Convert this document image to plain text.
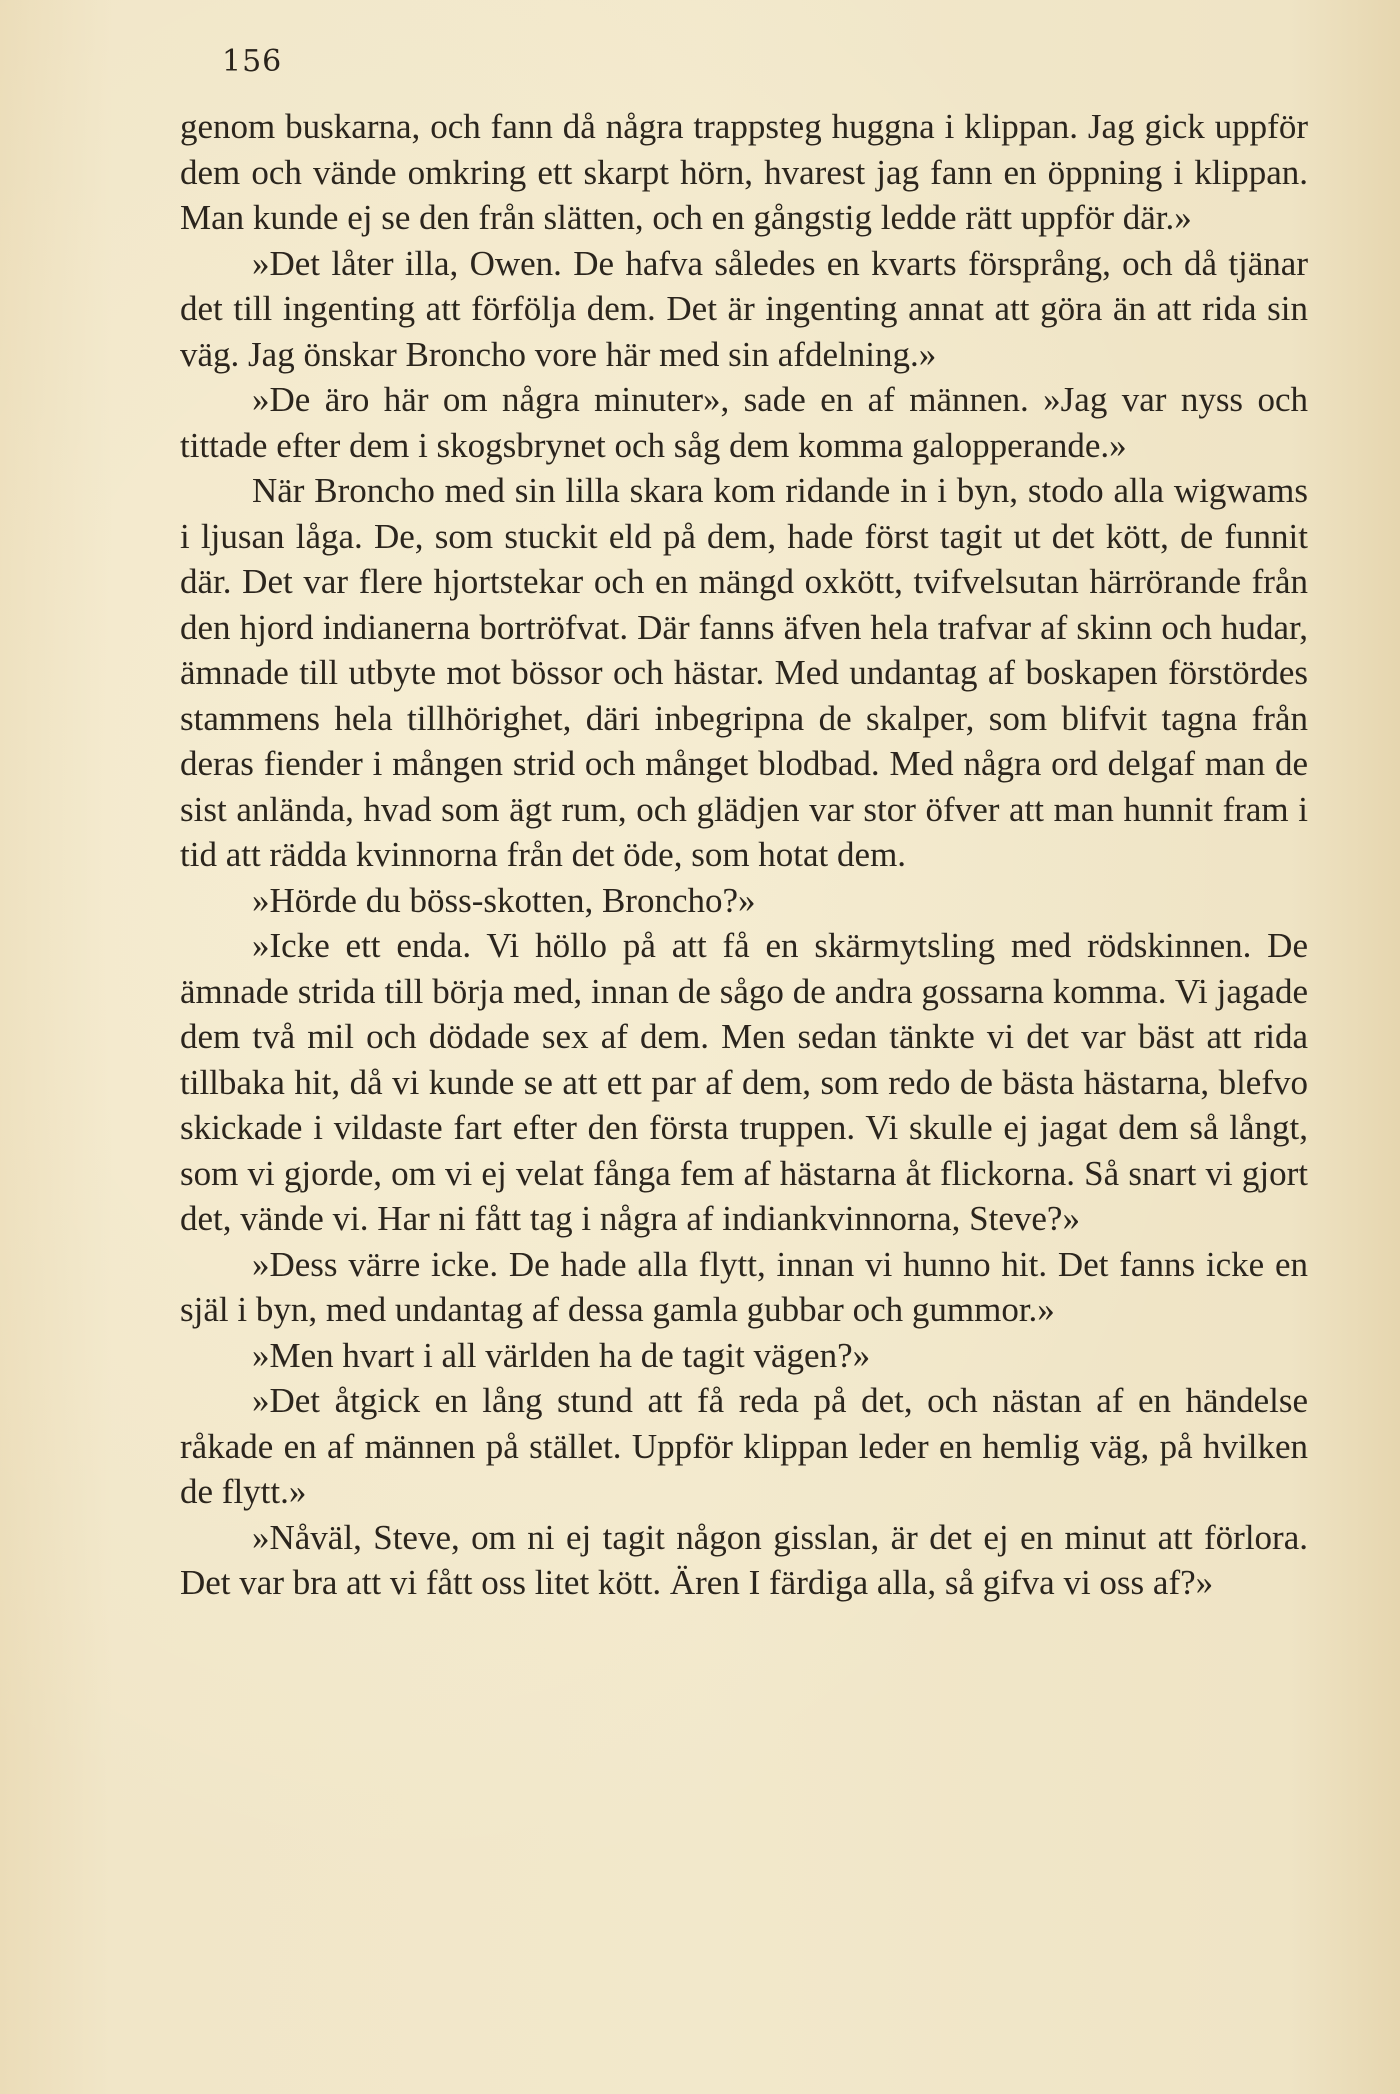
156

genom buskarna, och fann då några trappsteg huggna i klippan. Jag gick uppför dem och vände omkring ett skarpt hörn, hvarest jag fann en öppning i klippan. Man kunde ej se den från slätten, och en gångstig ledde rätt uppför där.»

»Det låter illa, Owen. De hafva således en kvarts försprång, och då tjänar det till ingenting att förfölja dem. Det är ingenting annat att göra än att rida sin väg. Jag önskar Broncho vore här med sin afdelning.»

»De äro här om några minuter», sade en af männen. »Jag var nyss och tittade efter dem i skogsbrynet och såg dem komma galopperande.»

När Broncho med sin lilla skara kom ridande in i byn, stodo alla wigwams i ljusan låga. De, som stuckit eld på dem, hade först tagit ut det kött, de funnit där. Det var flere hjortstekar och en mängd oxkött, tvifvelsutan härrörande från den hjord indianerna bortröfvat. Där fanns äfven hela trafvar af skinn och hudar, ämnade till utbyte mot bössor och hästar. Med undantag af boskapen förstördes stammens hela tillhörighet, däri inbegripna de skalper, som blifvit tagna från deras fiender i mången strid och månget blodbad. Med några ord delgaf man de sist anlända, hvad som ägt rum, och glädjen var stor öfver att man hunnit fram i tid att rädda kvinnorna från det öde, som hotat dem.

»Hörde du böss-skotten, Broncho?»

»Icke ett enda. Vi höllo på att få en skärmytsling med rödskinnen. De ämnade strida till börja med, innan de sågo de andra gossarna komma. Vi jagade dem två mil och dödade sex af dem. Men sedan tänkte vi det var bäst att rida tillbaka hit, då vi kunde se att ett par af dem, som redo de bästa hästarna, blefvo skickade i vildaste fart efter den första truppen. Vi skulle ej jagat dem så långt, som vi gjorde, om vi ej velat fånga fem af hästarna åt flickorna. Så snart vi gjort det, vände vi. Har ni fått tag i några af indiankvinnorna, Steve?»

»Dess värre icke. De hade alla flytt, innan vi hunno hit. Det fanns icke en själ i byn, med undantag af dessa gamla gubbar och gummor.»

»Men hvart i all världen ha de tagit vägen?»

»Det åtgick en lång stund att få reda på det, och nästan af en händelse råkade en af männen på stället. Uppför klippan leder en hemlig väg, på hvilken de flytt.»

»Nåväl, Steve, om ni ej tagit någon gisslan, är det ej en minut att förlora. Det var bra att vi fått oss litet kött. Ären I färdiga alla, så gifva vi oss af?»
